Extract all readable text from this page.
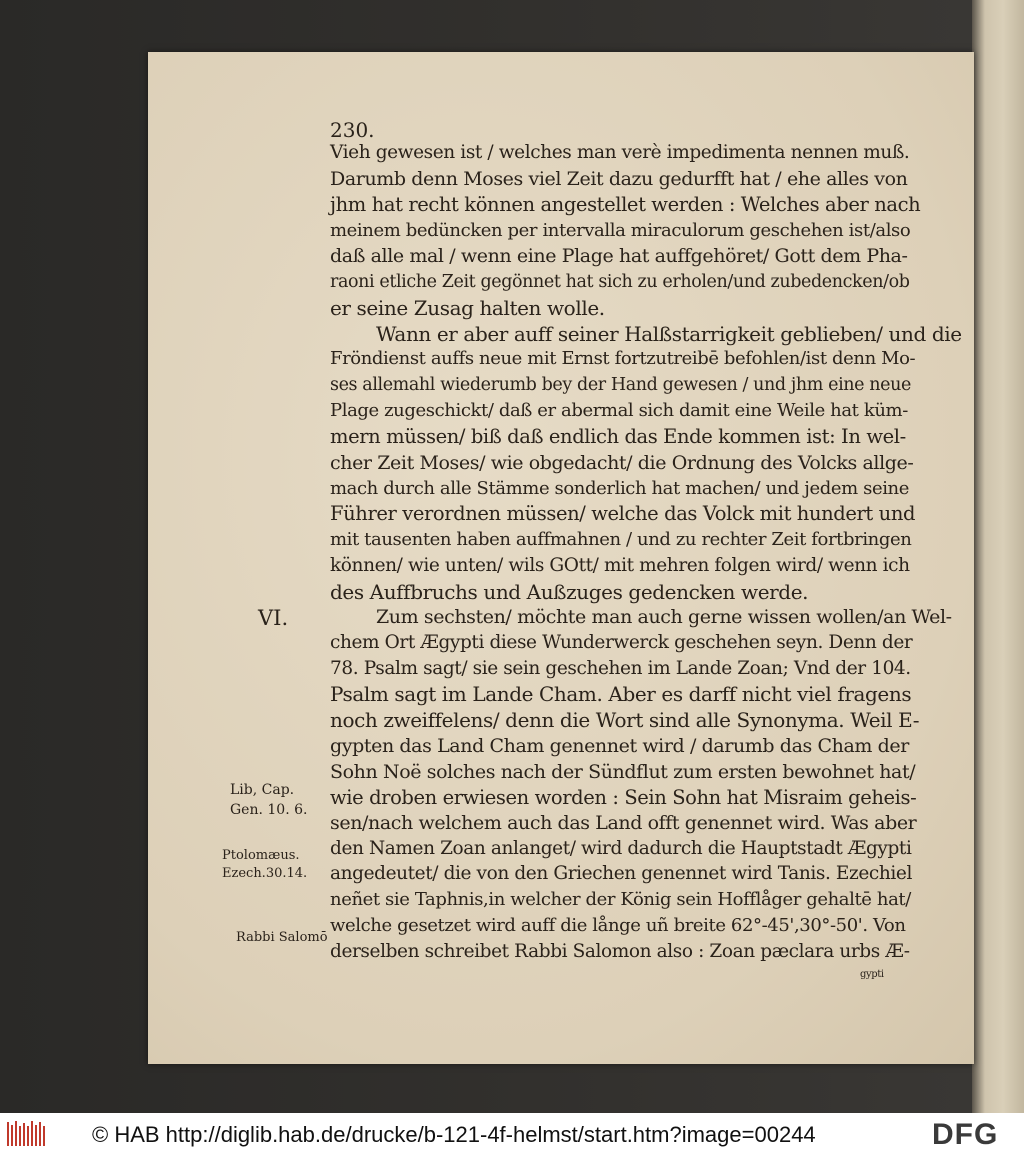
230.
Vieh gewesen ist / welches man verè impedimenta nennen muß.
Darumb denn Moses viel Zeit dazu gedurfft hat / ehe alles von
jhm hat recht können angestellet werden : Welches aber nach
meinem bedüncken per intervalla miraculorum geschehen ist/also
daß alle mal / wenn eine Plage hat auffgehöret/ Gott dem Pha-
raoni etliche Zeit gegönnet hat sich zu erholen/und zubedencken/ob
er seine Zusag halten wolle.
Wann er aber auff seiner Halßstarrigkeit geblieben/ und die
Fröndienst auffs neue mit Ernst fortzutreibē befohlen/ist denn Mo-
ses allemahl wiederumb bey der Hand gewesen / und jhm eine neue
Plage zugeschickt/ daß er abermal sich damit eine Weile hat küm-
mern müssen/ biß daß endlich das Ende kommen ist: In wel-
cher Zeit Moses/ wie obgedacht/ die Ordnung des Volcks allge-
mach durch alle Stämme sonderlich hat machen/ und jedem seine
Führer verordnen müssen/ welche das Volck mit hundert und
mit tausenten haben auffmahnen / und zu rechter Zeit fortbringen
können/ wie unten/ wils GOtt/ mit mehren folgen wird/ wenn ich
des Auffbruchs und Außzuges gedencken werde.
Zum sechsten/ möchte man auch gerne wissen wollen/an Wel-
chem Ort Ægypti diese Wunderwerck geschehen seyn. Denn der
78. Psalm sagt/ sie sein geschehen im Lande Zoan; Vnd der 104.
Psalm sagt im Lande Cham. Aber es darff nicht viel fragens
noch zweiffelens/ denn die Wort sind alle Synonyma. Weil E-
gypten das Land Cham genennet wird / darumb das Cham der
Sohn Noë solches nach der Sündflut zum ersten bewohnet hat/
wie droben erwiesen worden : Sein Sohn hat Misraim geheis-
sen/nach welchem auch das Land offt genennet wird. Was aber
den Namen Zoan anlanget/ wird dadurch die Hauptstadt Ægypti
angedeutet/ die von den Griechen genennet wird Tanis. Ezechiel
neñet sie Taphnis,in welcher der König sein Hofflåger gehaltē hat/
welche gesetzet wird auff die långe uñ breite 62°-45',30°-50'. Von
derselben schreibet Rabbi Salomon also : Zoan pæclara urbs Æ-
gypti
VI.
Lib, Cap.
Gen. 10. 6.
Ptolomæus.
Ezech.30.14.
Rabbi Salomō
© HAB http://diglib.hab.de/drucke/b-121-4f-helmst/start.htm?image=00244	DFG
